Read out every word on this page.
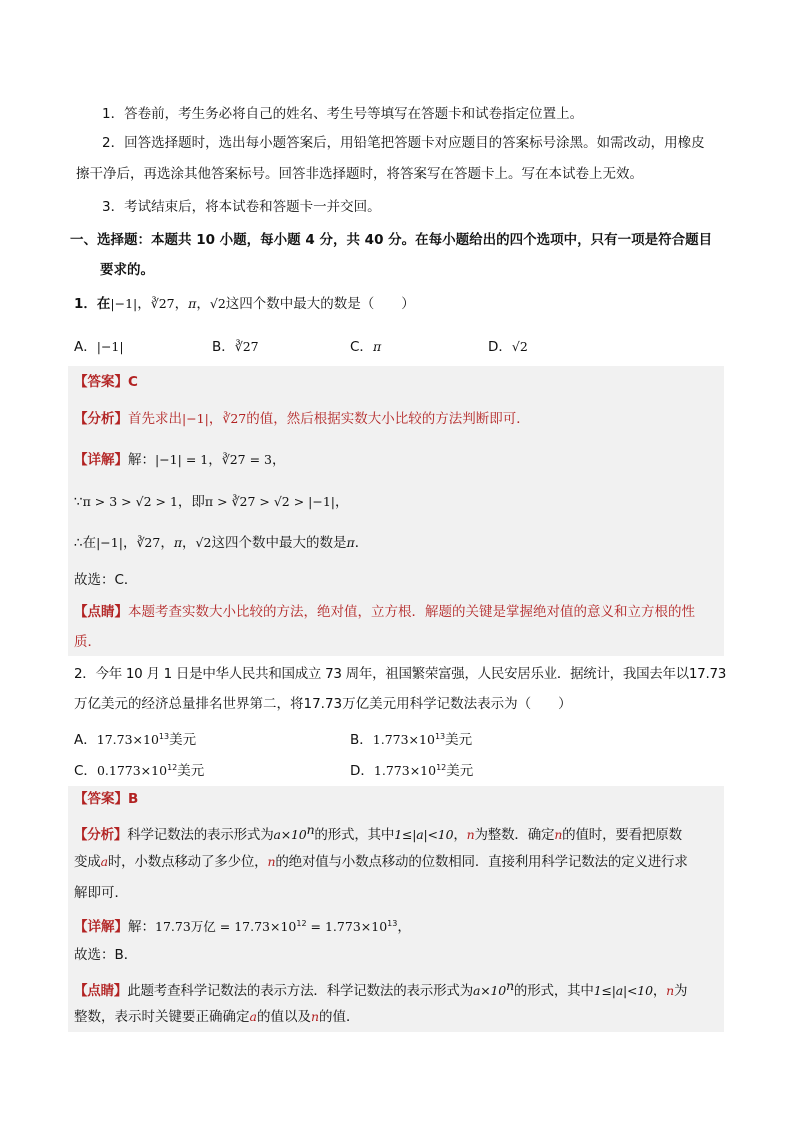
1．答卷前，考生务必将自己的姓名、考生号等填写在答题卡和试卷指定位置上。
2．回答选择题时，选出每小题答案后，用铅笔把答题卡对应题目的答案标号涂黑。如需改动，用橡皮
擦干净后，再选涂其他答案标号。回答非选择题时，将答案写在答题卡上。写在本试卷上无效。
3．考试结束后，将本试卷和答题卡一并交回。
一、选择题：本题共 10 小题，每小题 4 分，共 40 分。在每小题给出的四个选项中，只有一项是符合题目
要求的。
1．在|−1|，∛27，π，√2这四个数中最大的数是（　　）
A．|−1|	B．∛27	C．π	D．√2
【答案】C
【分析】首先求出|−1|，∛27的值，然后根据实数大小比较的方法判断即可．
【详解】解：|−1| = 1，∛27 = 3，
∵π > 3 > √2 > 1，即π > ∛27 > √2 > |−1|，
∴在|−1|，∛27，π，√2这四个数中最大的数是π．
故选：C．
【点睛】本题考查实数大小比较的方法，绝对值，立方根．解题的关键是掌握绝对值的意义和立方根的性
质．
2．今年 10 月 1 日是中华人民共和国成立 73 周年，祖国繁荣富强，人民安居乐业．据统计，我国去年以17.73
万亿美元的经济总量排名世界第二，将17.73万亿美元用科学记数法表示为（　　）
A．$17.73\times 10^{13}$美元	B．$1.773\times 10^{13}$美元
C．$0.1773\times 10^{12}$美元	D．$1.773\times 10^{12}$美元
【答案】B
【分析】科学记数法的表示形式为$a\times 10^n$的形式，其中1≤|a|<10，n为整数．确定n的值时，要看把原数
变成a时，小数点移动了多少位，n的绝对值与小数点移动的位数相同．直接利用科学记数法的定义进行求
解即可．
【详解】解：17.73万亿 = $17.73\times 10^{12} = 1.773\times 10^{13}$，
故选：B．
【点睛】此题考查科学记数法的表示方法．科学记数法的表示形式为$a\times 10^n$的形式，其中1≤|a|<10，n为
整数，表示时关键要正确确定a的值以及n的值．
